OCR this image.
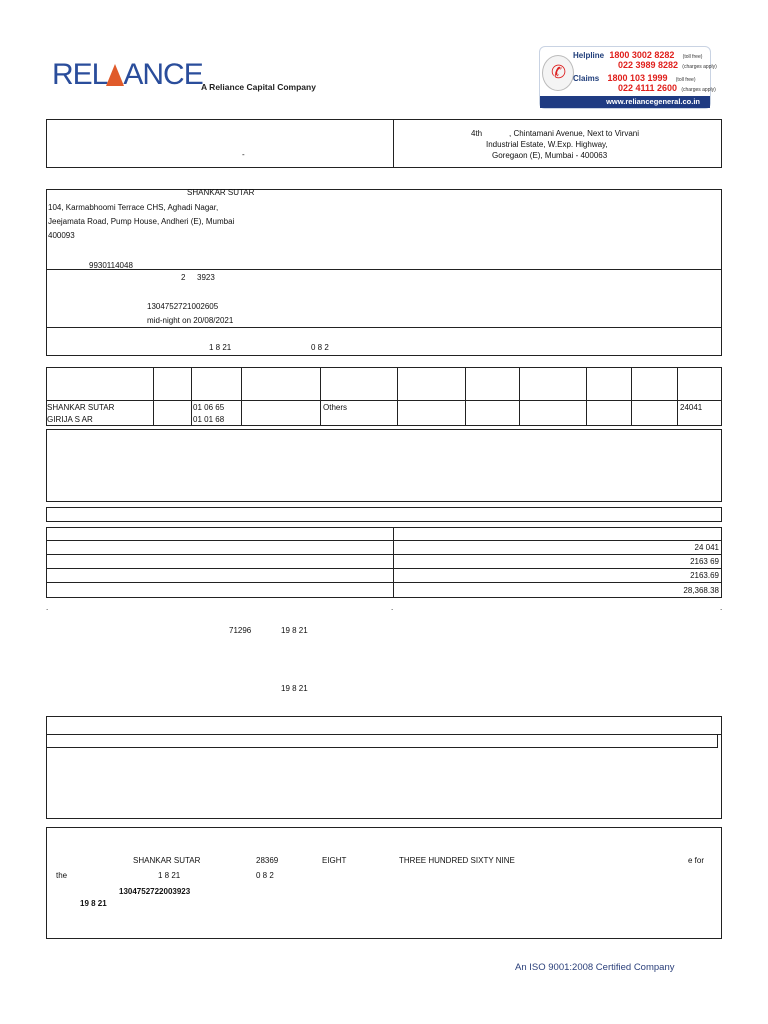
REL ANCE
A Reliance Capital Company
✆
Helpline 1800 3002 8282 (toll free)
022 3989 8282 (charges apply)
Claims 1800 103 1999 (toll free)
022 4111 2600 (charges apply)
www.reliancegeneral.co.in
-
4th	, Chintamani Avenue, Next to Virvani
Industrial Estate, W.Exp. Highway,
Goregaon (E), Mumbai - 400063
SHANKAR SUTAR
104, Karmabhoomi Terrace CHS, Aghadi Nagar,
Jeejamata Road, Pump House, Andheri (E), Mumbai
400093
9930114048
2 3923
1304752721002605
mid-night on 20/08/2021
1 8 21	0 8 2
SHANKAR SUTAR	01 06 65	Others	24041
GIRIJA S AR	01 01 68
24 041
2163 69
2163.69
28,368.38
.	.	.
71296	19 8 21
19 8 21
SHANKAR SUTAR	28369	EIGHT	THREE HUNDRED SIXTY NINE	e for
the	1 8 21	0 8 2
1304752722003923
19 8 21
An ISO 9001:2008 Certified Company
